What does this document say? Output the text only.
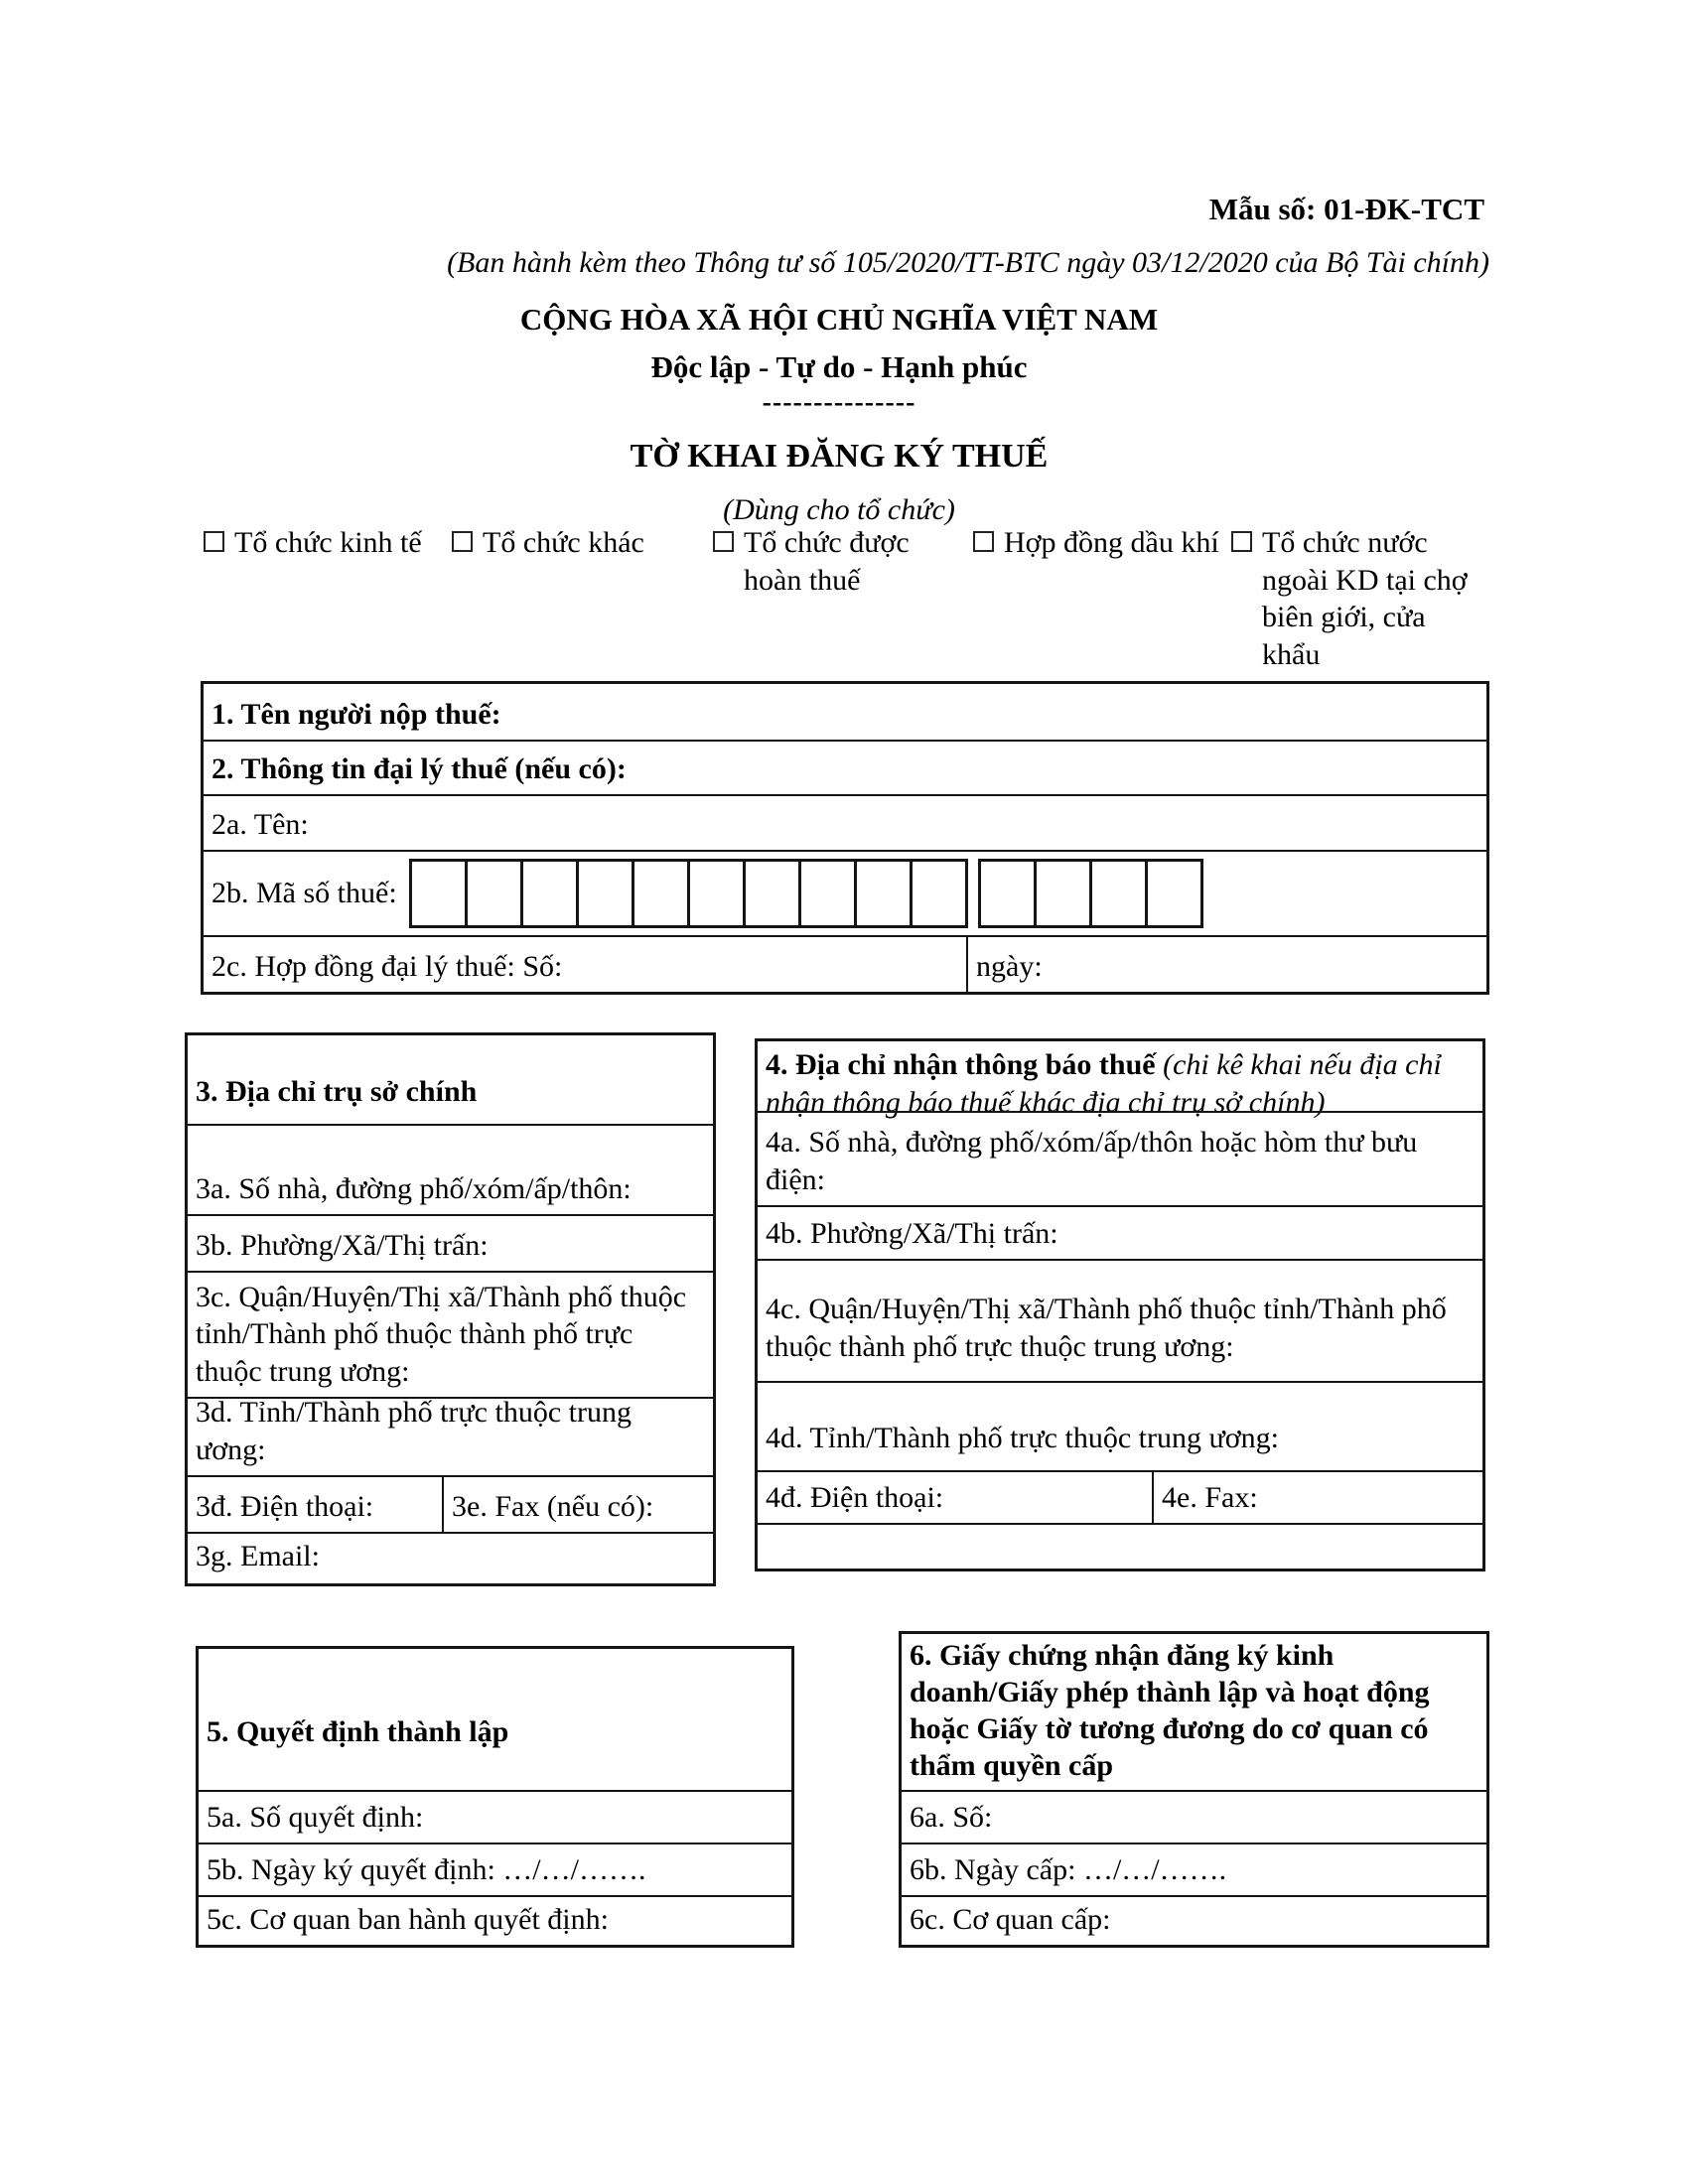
Mẫu số: 01-ĐK-TCT
(Ban hành kèm theo Thông tư số 105/2020/TT-BTC ngày 03/12/2020 của Bộ Tài chính)
CỘNG HÒA XÃ HỘI CHỦ NGHĨA VIỆT NAM
Độc lập - Tự do - Hạnh phúc
---------------
TỜ KHAI ĐĂNG KÝ THUẾ
(Dùng cho tổ chức)
Tổ chức kinh tế Tổ chức khác	Tổ chức được hoàn thuế
Hợp đồng dầu khí Tổ chức nước ngoài KD tại chợ biên giới, cửa khẩu
1. Tên người nộp thuế:
2. Thông tin đại lý thuế (nếu có):
2a. Tên:
2b. Mã số thuế:
2c. Hợp đồng đại lý thuế: Số:	ngày:
3. Địa chỉ trụ sở chính
3a. Số nhà, đường phố/xóm/ấp/thôn:
3b. Phường/Xã/Thị trấn:
3c. Quận/Huyện/Thị xã/Thành phố thuộc tỉnh/Thành phố thuộc thành phố trực thuộc trung ương:
3d. Tỉnh/Thành phố trực thuộc trung ương:
3đ. Điện thoại:	3e. Fax (nếu có):
3g. Email:
4. Địa chỉ nhận thông báo thuế (chi kê khai nếu địa chỉ nhận thông báo thuế khác địa chỉ trụ sở chính)
4a. Số nhà, đường phố/xóm/ấp/thôn hoặc hòm thư bưu điện:
4b. Phường/Xã/Thị trấn:
4c. Quận/Huyện/Thị xã/Thành phố thuộc tỉnh/Thành phố thuộc thành phố trực thuộc trung ương:
4d. Tỉnh/Thành phố trực thuộc trung ương:
4đ. Điện thoại:	4e. Fax:
5. Quyết định thành lập
5a. Số quyết định:
5b. Ngày ký quyết định: …/…/…….
5c. Cơ quan ban hành quyết định:
6. Giấy chứng nhận đăng ký kinh
doanh/Giấy phép thành lập và hoạt động
hoặc Giấy tờ tương đương do cơ quan có
thẩm quyền cấp
6a. Số:
6b. Ngày cấp: …/…/…….
6c. Cơ quan cấp:
